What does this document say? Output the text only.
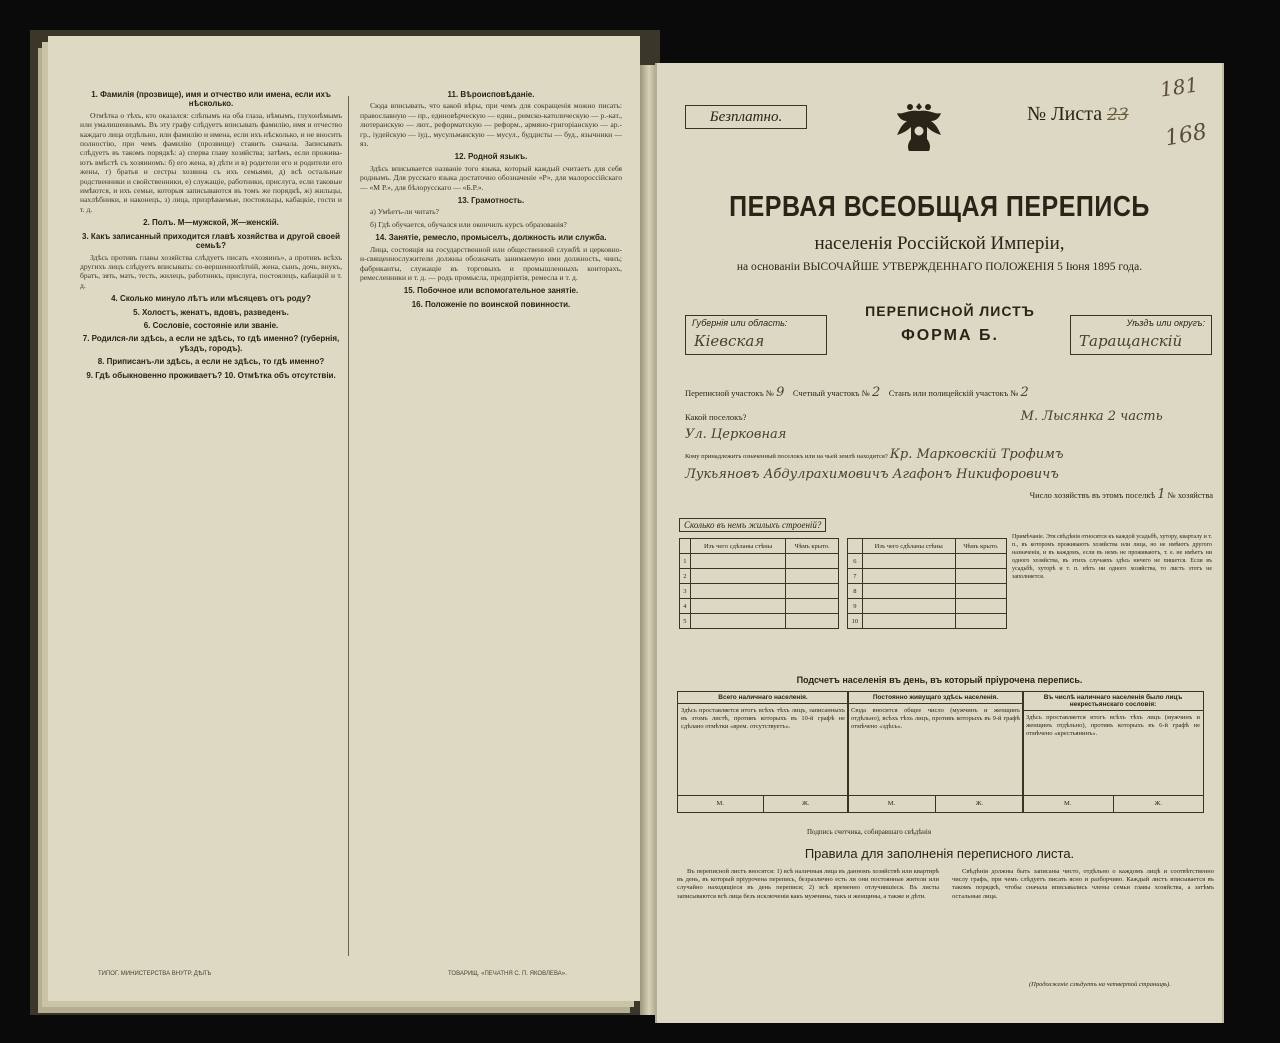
1. Фамилія (прозвище), имя и отчество или имена, если ихъ нѣсколько.

Отмѣтка о тѣхъ, кто оказался: слѣпымъ на оба глаза, нѣмымъ, глухонѣмымъ или умалишеннымъ. Въ эту графу слѣдуетъ вписывать фамилію, имя и отчество каждаго лица отдѣльно, или фамилію и имена, если ихъ нѣсколько, и не вносить полностію, при чемъ фамилію (прозвище) ставить сначала. Записывать слѣдуетъ въ такомъ порядкѣ: а) сперва главу хозяйства; затѣмъ, если проживаютъ вмѣстѣ съ хозяиномъ: б) его жена, в) дѣти и в) родители его и родители его жены, г) братья и сестры хозяина съ ихъ семьями, д) всѣ остальные родственники и свойственники, е) служащіе, работники, прислуга, если таковые имѣются, и ихъ семьи, которыя записываются въ томъ же порядкѣ, ж) жильцы, нахлѣбники, и наконецъ, з) лица, призрѣваемые, постояльцы, кабацкіе, гости и т. д.

2. Полъ. М—мужской, Ж—женскій.
3. Какъ записанный приходится главѣ хозяйства и другой своей семьѣ?

Здѣсь противъ главы хозяйства слѣдуетъ писать «хозяинъ», а противъ всѣхъ другихъ лицъ слѣдуетъ вписывать: со-вершеннолѣтній, жена, сынъ, дочь, внукъ, братъ, зять, мать, тесть, жилецъ, работникъ, прислуга, постоялецъ, кабацкій и т. д.

4. Сколько минуло лѣтъ или мѣсяцевъ отъ роду?
5. Холостъ, женатъ, вдовъ, разведенъ.
6. Сословіе, состояніе или званіе.
7. Родился-ли здѣсь, а если не здѣсь, то гдѣ именно? (губернія, уѣздъ, городъ).
8. Приписанъ-ли здѣсь, а если не здѣсь, то гдѣ именно?
9. Гдѣ обыкновенно проживаетъ? 10. Отмѣтка объ отсутствіи.
11. Вѣроисповѣданіе.

Сюда вписывать, что какой вѣры, при чемъ для сокращенія можно писать: православную — пр., единовѣрческую — един., римско-католическую — р.-кат., лютеранскую — лют., реформатскую — реформ., армяно-григоріанскую — ар.-гр., іудейскую — іуд., мусульманскую — мусул., буддисты — буд., язычники — яз.

12. Родной языкъ.

Здѣсь вписывается названіе того языка, который каждый считаетъ для себя роднымъ. Для русскаго языка достаточно обозначеніе «Р», для малороссійскаго — «М Р.», для бѣлорусскаго — «Б.Р.».

13. Грамотность.

а) Умѣетъ-ли читать?

б) Гдѣ обучается, обучался или окончилъ курсъ образованія?

14. Занятіе, ремесло, промыселъ, должность или служба.

Лица, состоящія на государственной или общественной службѣ и церковно-и-священнослужители должны обозначать занимаемую ими должность, чинъ; фабриканты, служащіе въ торговыхъ и промышленныхъ конторахъ, ремесленники и т. д. — родъ промысла, предпріятія, ремесла и т. д.

15. Побочное или вспомогательное занятіе.
16. Положеніе по воинской повинности.
ТИПОГ. МИНИСТЕРСТВА ВНУТР. ДѢЛЪ	ТОВАРИЩ. «ПЕЧАТНЯ С. П. ЯКОВЛЕВА».
Безплатно.	№ Листа 23
181
168
ПЕРВАЯ ВСЕОБЩАЯ ПЕРЕПИСЬ
населенія Россійской Имперіи,
на основаніи ВЫСОЧАЙШЕ УТВЕРЖДЕННАГО ПОЛОЖЕНІЯ 5 Іюня 1895 года.
Губернія или область:
Кіевская
ПЕРЕПИСНОЙ ЛИСТЪ
ФОРМА Б.
Уѣздъ или округъ:
Таращанскій
Переписной участокъ № 9 Счетный участокъ № 2 Станъ или полицейскій участокъ № 2
Какой поселокъ?	М. Лысянка 2 часть
Ул. Церковная
Кому принадлежитъ означенный поселокъ или на чьей землѣ находится? Кр. Марковскій Трофимъ
Лукьяновъ Абдулрахимовичъ Агафонъ Никифоровичъ
Число хозяйствъ въ этомъ поселкѣ 1 № хозяйства
Сколько въ немъ жилыхъ строеній?
	Изъ чего сдѣланы стѣны	Чѣмъ крыто.
1		
2		
3		
4		
5		
	Изъ чего сдѣланы стѣны	Чѣмъ крыто.
6		
7		
8		
9		
10		
Примѣчаніе. Эти свѣдѣнія относятся къ каждой усадьбѣ, хутору, кварталу и т. п., въ которомъ проживаютъ хозяйства или лица, но не имѣютъ другого назначенія, и въ каждомъ, если въ немъ не проживаютъ, т. е. не имѣетъ ни одного хозяйства, въ этихъ случаяхъ здѣсь ничего не пишется. Если въ усадьбѣ, хуторѣ и т. п. нѣтъ ни одного хозяйства, то листъ этотъ не заполняется.
Подсчетъ населенія въ день, въ который пріурочена перепись.
Всего наличнаго населенія.
Здѣсь проставляется итогъ всѣхъ тѣхъ лицъ, записанныхъ въ этомъ листѣ, противъ которыхъ въ 10-й графѣ не сдѣлано отмѣтки «врем. отсутствуетъ».
М.	Ж.
Постоянно живущаго здѣсь населенія.
Сюда вносится общее число (мужчинъ и женщинъ отдѣльно), всѣхъ тѣхъ лицъ, противъ которыхъ въ 9-й графѣ отмѣчено «здѣсь».
М.	Ж.
Въ числѣ наличнаго населенія было лицъ некрестьянскаго сословія:
Здѣсь проставляется итогъ всѣхъ тѣхъ лицъ (мужчинъ и женщинъ отдѣльно), противъ которыхъ въ 6-й графѣ не отмѣчено «крестьянинъ».
М.	Ж.
Подпись счетчика, собиравшаго свѣдѣнія
Правила для заполненія переписного листа.

Въ переписной листъ вносятся: 1) всѣ наличныя лица въ данномъ хозяйствѣ или квартирѣ въ день, въ который пріурочена перепись, безразлично есть ли они постоянные жители или случайно находящіеся въ день переписи; 2) всѣ временно отлучившіеся. Въ листы записываются всѣ лица безъ исключенія какъ мужчины, такъ и женщины, а также и дѣти.

Свѣдѣнія должны быть записаны чисто, отдѣльно о каждомъ лицѣ и соотвѣтственно числу графъ, при чемъ слѣдуетъ писать ясно и разборчиво. Каждый листъ вписывается въ такомъ порядкѣ, чтобы сначала вписывались члены семьи главы хозяйства, а затѣмъ остальные лица.

(Продолженіе слѣдуетъ на четвертой страницѣ).
